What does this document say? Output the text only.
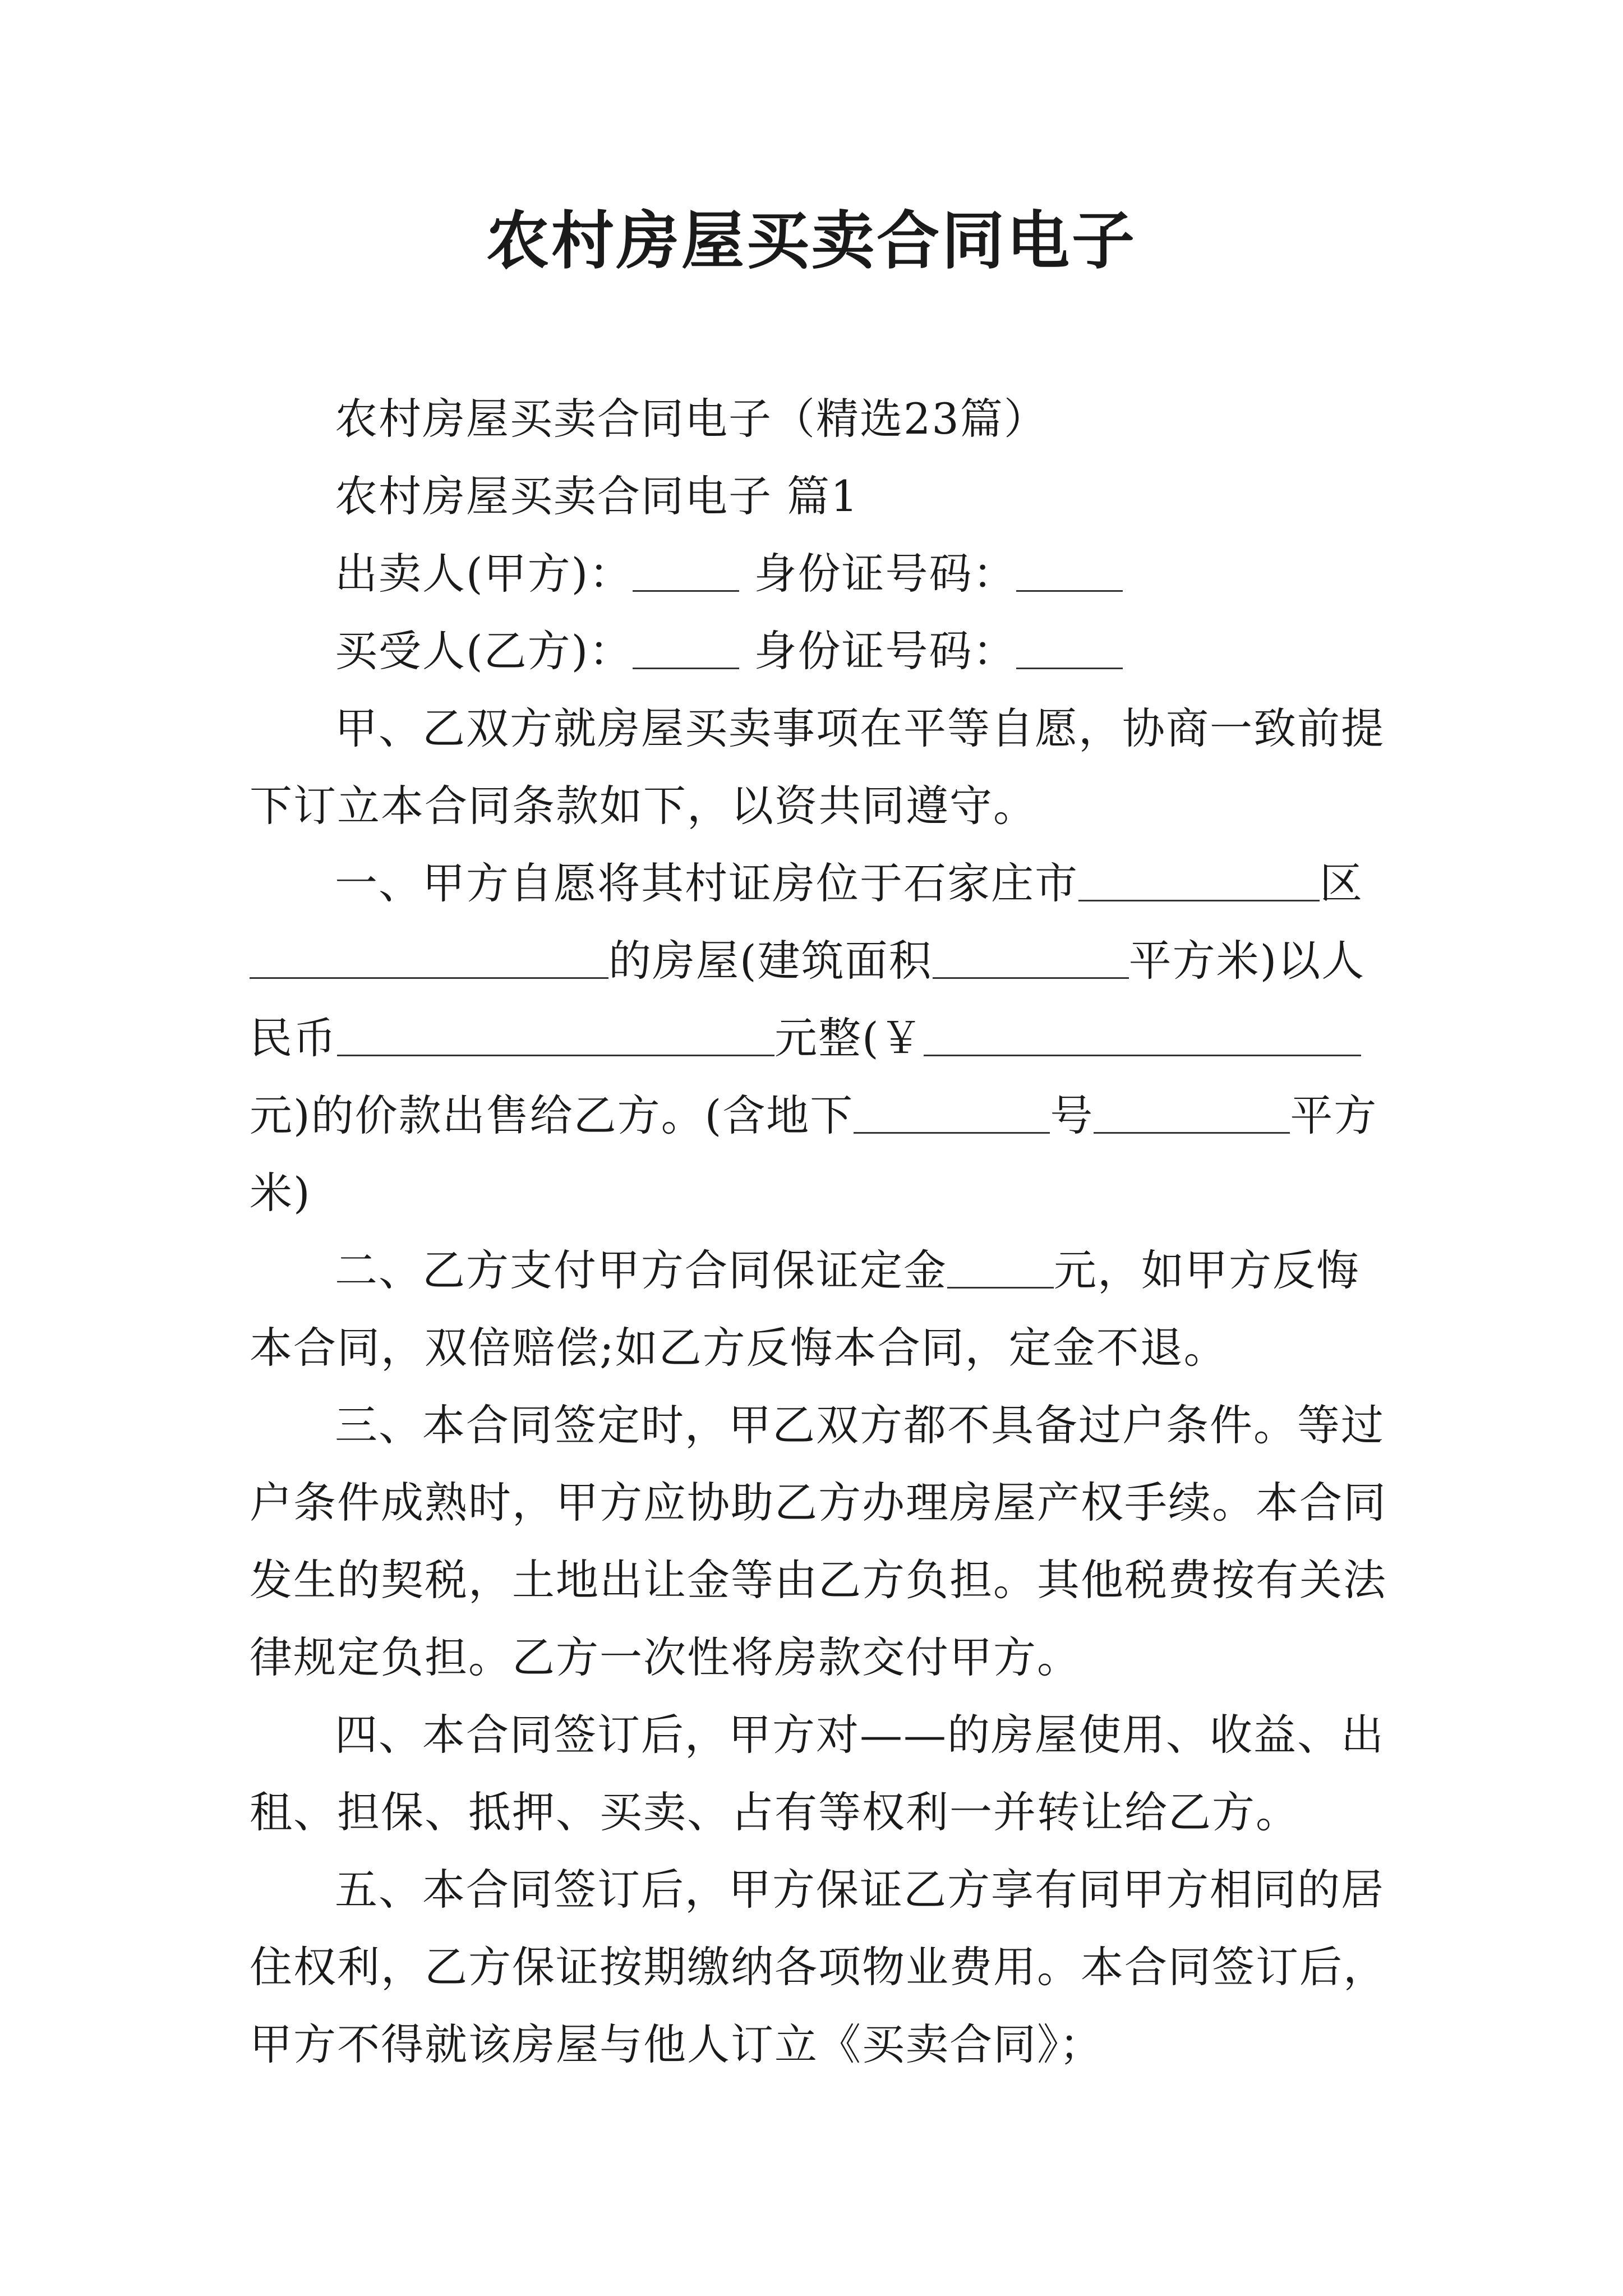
农村房屋买卖合同电子

农村房屋买卖合同电子（精选23篇）

农村房屋买卖合同电子 篇1

出卖人(甲方)：	身份证号码：

买受人(乙方)：	身份证号码：

甲、乙双方就房屋买卖事项在平等自愿，协商一致前提下订立本合同条款如下，以资共同遵守。

一、甲方自愿将其村证房位于石家庄市	区的房屋(建筑面积	平方米)以人民币	元整(￥元)的价款出售给乙方。(含地下	号	平方米)

二、乙方支付甲方合同保证定金	元，如甲方反悔本合同，双倍赔偿;如乙方反悔本合同，定金不退。

三、本合同签定时，甲乙双方都不具备过户条件。等过户条件成熟时，甲方应协助乙方办理房屋产权手续。本合同发生的契税，土地出让金等由乙方负担。其他税费按有关法律规定负担。乙方一次性将房款交付甲方。

四、本合同签订后，甲方对——的房屋使用、收益、出租、担保、抵押、买卖、占有等权利一并转让给乙方。

五、本合同签订后，甲方保证乙方享有同甲方相同的居住权利，乙方保证按期缴纳各项物业费用。本合同签订后，甲方不得就该房屋与他人订立《买卖合同》；
